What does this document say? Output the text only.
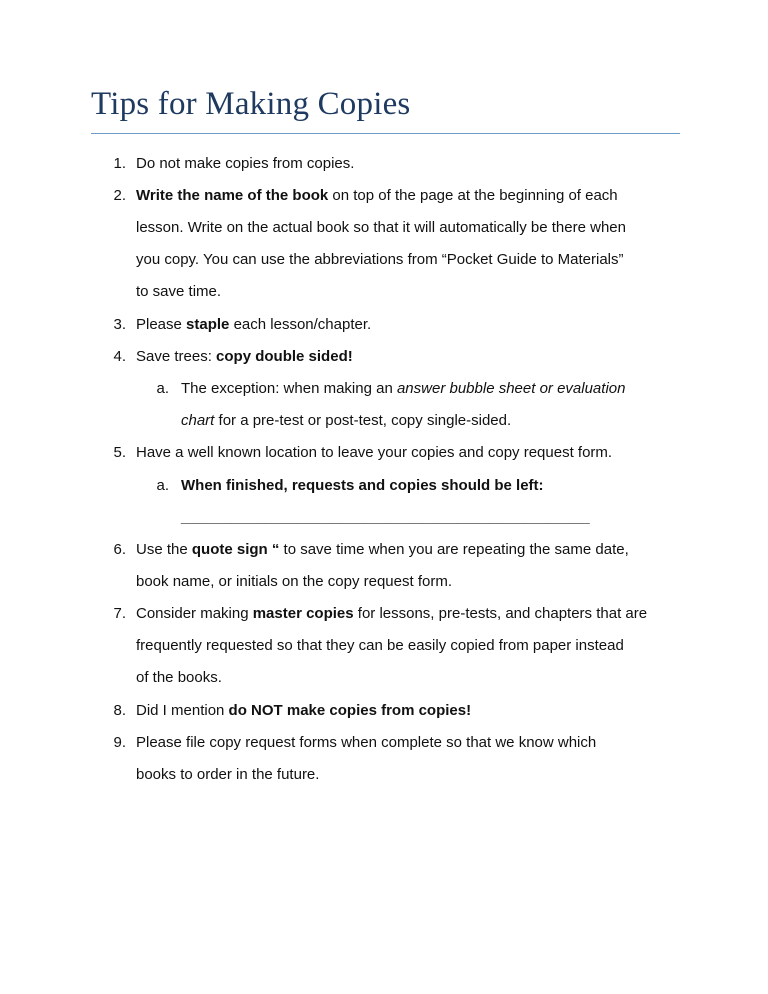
Tips for Making Copies
1. Do not make copies from copies.
2. Write the name of the book on top of the page at the beginning of each
lesson. Write on the actual book so that it will automatically be there when
you copy. You can use the abbreviations from “Pocket Guide to Materials”
to save time.
3. Please staple each lesson/chapter.
4. Save trees: copy double sided!
a. The exception: when making an answer bubble sheet or evaluation
chart for a pre-test or post-test, copy single-sided.
5. Have a well known location to leave your copies and copy request form.
a. When finished, requests and copies should be left:
_________________________________________________
6. Use the quote sign “ to save time when you are repeating the same date,
book name, or initials on the copy request form.
7. Consider making master copies for lessons, pre-tests, and chapters that are
frequently requested so that they can be easily copied from paper instead
of the books.
8. Did I mention do NOT make copies from copies!
9. Please file copy request forms when complete so that we know which
books to order in the future.
